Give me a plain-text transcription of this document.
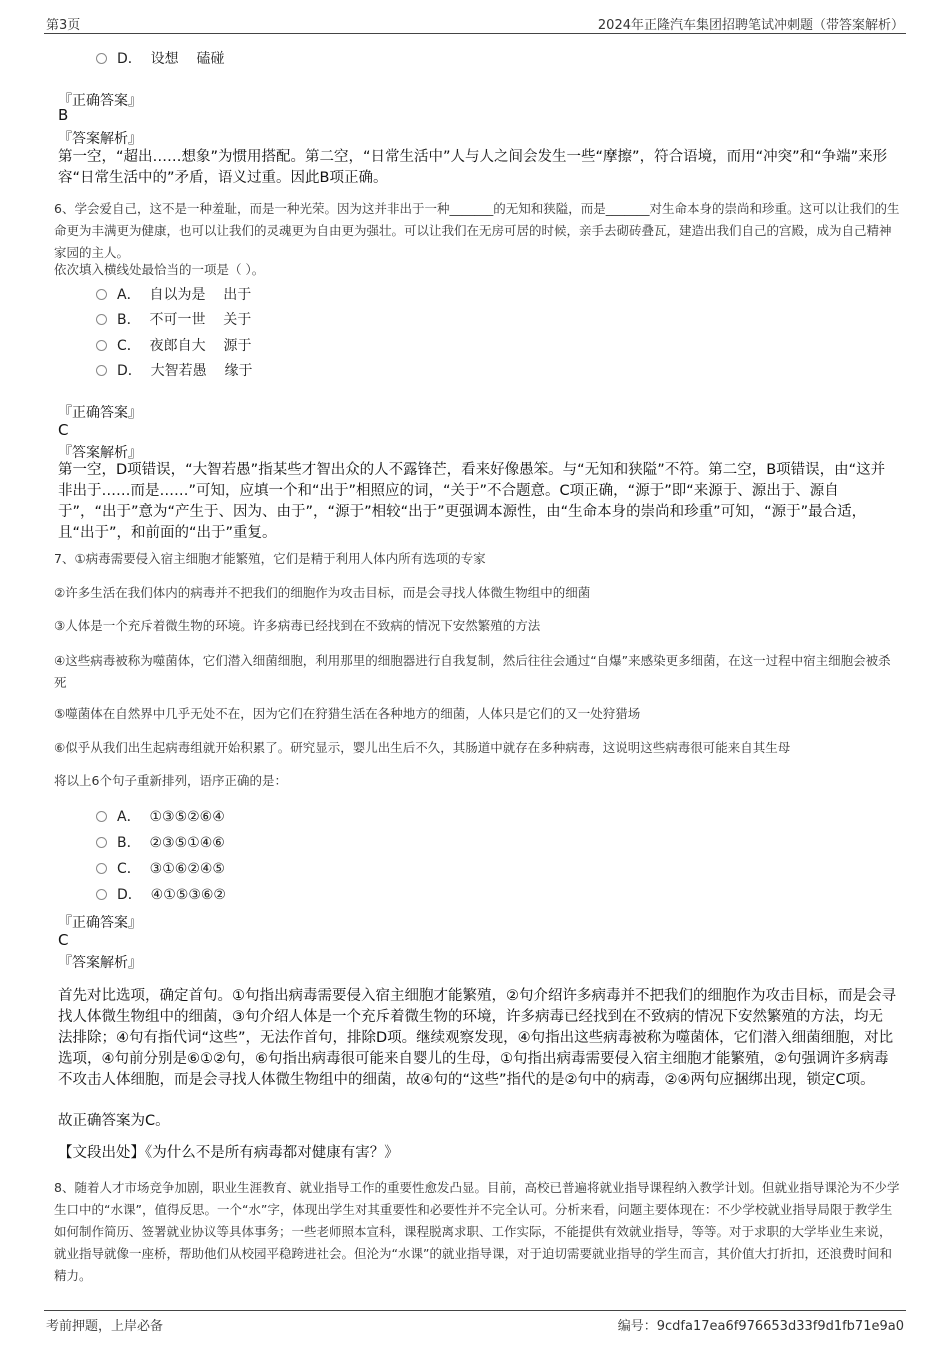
第3页	2024年正隆汽车集团招聘笔试冲刺题（带答案解析）
D．  设想    磕碰
『正确答案』
B
『答案解析』
第一空，“超出……想象”为惯用搭配。第二空，“日常生活中”人与人之间会发生一些“摩擦”，符合语境，而用“冲突”和“争端”来形容“日常生活中的”矛盾，语义过重。因此B项正确。
6、学会爱自己，这不是一种羞耻，而是一种光荣。因为这并非出于一种_______的无知和狭隘，而是_______对生命本身的崇尚和珍重。这可以让我们的生命更为丰满更为健康，也可以让我们的灵魂更为自由更为强壮。可以让我们在无房可居的时候，亲手去砌砖叠瓦，建造出我们自己的宫殿，成为自己精神家园的主人。
依次填入横线处最恰当的一项是（ ）。
A．  自以为是    出于
B．  不可一世    关于
C．  夜郎自大    源于
D．  大智若愚    缘于
『正确答案』
C
『答案解析』
第一空，D项错误，“大智若愚”指某些才智出众的人不露锋芒，看来好像愚笨。与“无知和狭隘”不符。第二空，B项错误，由“这并非出于……而是……”可知，应填一个和“出于”相照应的词，“关于”不合题意。C项正确，“源于”即“来源于、源出于、源自于”，“出于”意为“产生于、因为、由于”，“源于”相较“出于”更强调本源性，由“生命本身的崇尚和珍重”可知，“源于”最合适，且“出于”，和前面的“出于”重复。
7、①病毒需要侵入宿主细胞才能繁殖，它们是精于利用人体内所有选项的专家
②许多生活在我们体内的病毒并不把我们的细胞作为攻击目标，而是会寻找人体微生物组中的细菌
③人体是一个充斥着微生物的环境。许多病毒已经找到在不致病的情况下安然繁殖的方法
④这些病毒被称为噬菌体，它们潜入细菌细胞，利用那里的细胞器进行自我复制，然后往往会通过“自爆”来感染更多细菌，在这一过程中宿主细胞会被杀死
⑤噬菌体在自然界中几乎无处不在，因为它们在狩猎生活在各种地方的细菌，人体只是它们的又一处狩猎场
⑥似乎从我们出生起病毒组就开始积累了。研究显示，婴儿出生后不久，其肠道中就存在多种病毒，这说明这些病毒很可能来自其生母
将以上6个句子重新排列，语序正确的是：
A．  ①③⑤②⑥④
B．  ②③⑤①④⑥
C．  ③①⑥②④⑤
D．  ④①⑤③⑥②
『正确答案』
C
『答案解析』
首先对比选项，确定首句。①句指出病毒需要侵入宿主细胞才能繁殖，②句介绍许多病毒并不把我们的细胞作为攻击目标，而是会寻找人体微生物组中的细菌，③句介绍人体是一个充斥着微生物的环境，许多病毒已经找到在不致病的情况下安然繁殖的方法，均无法排除；④句有指代词“这些”，无法作首句，排除D项。继续观察发现，④句指出这些病毒被称为噬菌体，它们潜入细菌细胞，对比选项，④句前分别是⑥①②句，⑥句指出病毒很可能来自婴儿的生母，①句指出病毒需要侵入宿主细胞才能繁殖，②句强调许多病毒不攻击人体细胞，而是会寻找人体微生物组中的细菌，故④句的“这些”指代的是②句中的病毒，②④两句应捆绑出现，锁定C项。
故正确答案为C。
【文段出处】《为什么不是所有病毒都对健康有害？》
8、随着人才市场竞争加剧，职业生涯教育、就业指导工作的重要性愈发凸显。目前，高校已普遍将就业指导课程纳入教学计划。但就业指导课沦为不少学生口中的“水课”，值得反思。一个“水”字，体现出学生对其重要性和必要性并不完全认可。分析来看，问题主要体现在：不少学校就业指导局限于教学生如何制作简历、签署就业协议等具体事务；一些老师照本宣科，课程脱离求职、工作实际，不能提供有效就业指导，等等。对于求职的大学毕业生来说，就业指导就像一座桥，帮助他们从校园平稳跨进社会。但沦为“水课”的就业指导课，对于迫切需要就业指导的学生而言，其价值大打折扣，还浪费时间和精力。
考前押题，上岸必备	编号：9cdfa17ea6f976653d33f9d1fb71e9a0
